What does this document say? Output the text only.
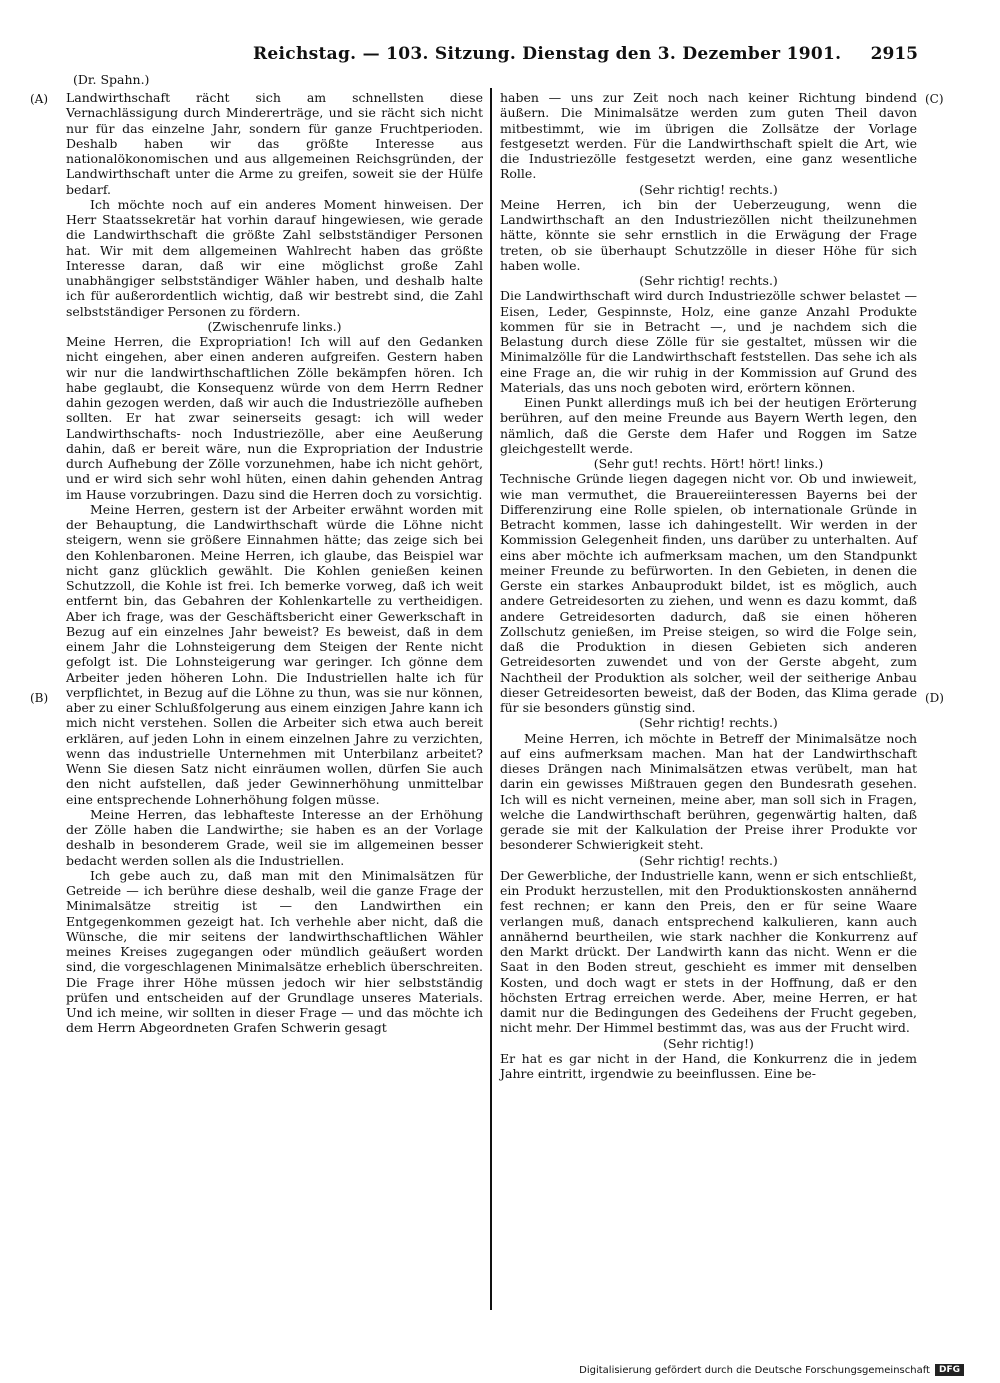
Reichstag. — 103. Sitzung. Dienstag den 3. Dezember 1901. 2915
(Dr. Spahn.)
(A)
(B)
(C)
(D)

Landwirthschaft rächt sich am schnellsten diese Vernachlässigung durch Mindererträge, und sie rächt sich nicht nur für das einzelne Jahr, sondern für ganze Fruchtperioden. Deshalb haben wir das größte Interesse aus nationalökonomischen und aus allgemeinen Reichsgründen, der Landwirthschaft unter die Arme zu greifen, soweit sie der Hülfe bedarf.

Ich möchte noch auf ein anderes Moment hinweisen. Der Herr Staatssekretär hat vorhin darauf hingewiesen, wie gerade die Landwirthschaft die größte Zahl selbstständiger Personen hat. Wir mit dem allgemeinen Wahlrecht haben das größte Interesse daran, daß wir eine möglichst große Zahl unabhängiger selbstständiger Wähler haben, und deshalb halte ich für außerordentlich wichtig, daß wir bestrebt sind, die Zahl selbstständiger Personen zu fördern.

(Zwischenrufe links.)

Meine Herren, die Expropriation! Ich will auf den Gedanken nicht eingehen, aber einen anderen aufgreifen. Gestern haben wir nur die landwirthschaftlichen Zölle bekämpfen hören. Ich habe geglaubt, die Konsequenz würde von dem Herrn Redner dahin gezogen werden, daß wir auch die Industriezölle aufheben sollten. Er hat zwar seinerseits gesagt: ich will weder Landwirthschafts- noch Industriezölle, aber eine Aeußerung dahin, daß er bereit wäre, nun die Expropriation der Industrie durch Aufhebung der Zölle vorzunehmen, habe ich nicht gehört, und er wird sich sehr wohl hüten, einen dahin gehenden Antrag im Hause vorzubringen. Dazu sind die Herren doch zu vorsichtig.

Meine Herren, gestern ist der Arbeiter erwähnt worden mit der Behauptung, die Landwirthschaft würde die Löhne nicht steigern, wenn sie größere Einnahmen hätte; das zeige sich bei den Kohlenbaronen. Meine Herren, ich glaube, das Beispiel war nicht ganz glücklich gewählt. Die Kohlen genießen keinen Schutzzoll, die Kohle ist frei. Ich bemerke vorweg, daß ich weit entfernt bin, das Gebahren der Kohlenkartelle zu vertheidigen. Aber ich frage, was der Geschäftsbericht einer Gewerkschaft in Bezug auf ein einzelnes Jahr beweist? Es beweist, daß in dem einem Jahr die Lohnsteigerung dem Steigen der Rente nicht gefolgt ist. Die Lohnsteigerung war geringer. Ich gönne dem Arbeiter jeden höheren Lohn. Die Industriellen halte ich für verpflichtet, in Bezug auf die Löhne zu thun, was sie nur können, aber zu einer Schlußfolgerung aus einem einzigen Jahre kann ich mich nicht verstehen. Sollen die Arbeiter sich etwa auch bereit erklären, auf jeden Lohn in einem einzelnen Jahre zu verzichten, wenn das industrielle Unternehmen mit Unterbilanz arbeitet? Wenn Sie diesen Satz nicht einräumen wollen, dürfen Sie auch den nicht aufstellen, daß jeder Gewinnerhöhung unmittelbar eine entsprechende Lohnerhöhung folgen müsse.

Meine Herren, das lebhafteste Interesse an der Erhöhung der Zölle haben die Landwirthe; sie haben es an der Vorlage deshalb in besonderem Grade, weil sie im allgemeinen besser bedacht werden sollen als die Industriellen.

Ich gebe auch zu, daß man mit den Minimalsätzen für Getreide — ich berühre diese deshalb, weil die ganze Frage der Minimalsätze streitig ist — den Landwirthen ein Entgegenkommen gezeigt hat. Ich verhehle aber nicht, daß die Wünsche, die mir seitens der landwirthschaftlichen Wähler meines Kreises zugegangen oder mündlich geäußert worden sind, die vorgeschlagenen Minimalsätze erheblich überschreiten. Die Frage ihrer Höhe müssen jedoch wir hier selbstständig prüfen und entscheiden auf der Grundlage unseres Materials. Und ich meine, wir sollten in dieser Frage — und das möchte ich dem Herrn Abgeordneten Grafen Schwerin gesagt

haben — uns zur Zeit noch nach keiner Richtung bindend äußern. Die Minimalsätze werden zum guten Theil davon mitbestimmt, wie im übrigen die Zollsätze der Vorlage festgesetzt werden. Für die Landwirthschaft spielt die Art, wie die Industriezölle festgesetzt werden, eine ganz wesentliche Rolle.

(Sehr richtig! rechts.)

Meine Herren, ich bin der Ueberzeugung, wenn die Landwirthschaft an den Industriezöllen nicht theilzunehmen hätte, könnte sie sehr ernstlich in die Erwägung der Frage treten, ob sie überhaupt Schutzzölle in dieser Höhe für sich haben wolle.

(Sehr richtig! rechts.)

Die Landwirthschaft wird durch Industriezölle schwer belastet — Eisen, Leder, Gespinnste, Holz, eine ganze Anzahl Produkte kommen für sie in Betracht —, und je nachdem sich die Belastung durch diese Zölle für sie gestaltet, müssen wir die Minimalzölle für die Landwirthschaft feststellen. Das sehe ich als eine Frage an, die wir ruhig in der Kommission auf Grund des Materials, das uns noch geboten wird, erörtern können.

Einen Punkt allerdings muß ich bei der heutigen Erörterung berühren, auf den meine Freunde aus Bayern Werth legen, den nämlich, daß die Gerste dem Hafer und Roggen im Satze gleichgestellt werde.

(Sehr gut! rechts. Hört! hört! links.)

Technische Gründe liegen dagegen nicht vor. Ob und inwieweit, wie man vermuthet, die Brauereiinteressen Bayerns bei der Differenzirung eine Rolle spielen, ob internationale Gründe in Betracht kommen, lasse ich dahingestellt. Wir werden in der Kommission Gelegenheit finden, uns darüber zu unterhalten. Auf eins aber möchte ich aufmerksam machen, um den Standpunkt meiner Freunde zu befürworten. In den Gebieten, in denen die Gerste ein starkes Anbauprodukt bildet, ist es möglich, auch andere Getreidesorten zu ziehen, und wenn es dazu kommt, daß andere Getreidesorten dadurch, daß sie einen höheren Zollschutz genießen, im Preise steigen, so wird die Folge sein, daß die Produktion in diesen Gebieten sich anderen Getreidesorten zuwendet und von der Gerste abgeht, zum Nachtheil der Produktion als solcher, weil der seitherige Anbau dieser Getreidesorten beweist, daß der Boden, das Klima gerade für sie besonders günstig sind.

(Sehr richtig! rechts.)

Meine Herren, ich möchte in Betreff der Minimalsätze noch auf eins aufmerksam machen. Man hat der Landwirthschaft dieses Drängen nach Minimalsätzen etwas verübelt, man hat darin ein gewisses Mißtrauen gegen den Bundesrath gesehen. Ich will es nicht verneinen, meine aber, man soll sich in Fragen, welche die Landwirthschaft berühren, gegenwärtig halten, daß gerade sie mit der Kalkulation der Preise ihrer Produkte vor besonderer Schwierigkeit steht.

(Sehr richtig! rechts.)

Der Gewerbliche, der Industrielle kann, wenn er sich entschließt, ein Produkt herzustellen, mit den Produktionskosten annähernd fest rechnen; er kann den Preis, den er für seine Waare verlangen muß, danach entsprechend kalkulieren, kann auch annähernd beurtheilen, wie stark nachher die Konkurrenz auf den Markt drückt. Der Landwirth kann das nicht. Wenn er die Saat in den Boden streut, geschieht es immer mit denselben Kosten, und doch wagt er stets in der Hoffnung, daß er den höchsten Ertrag erreichen werde. Aber, meine Herren, er hat damit nur die Bedingungen des Gedeihens der Frucht gegeben, nicht mehr. Der Himmel bestimmt das, was aus der Frucht wird.

(Sehr richtig!)

Er hat es gar nicht in der Hand, die Konkurrenz die in jedem Jahre eintritt, irgendwie zu beeinflussen. Eine be-

Digitalisierung gefördert durch die Deutsche Forschungsgemeinschaft	DFG
